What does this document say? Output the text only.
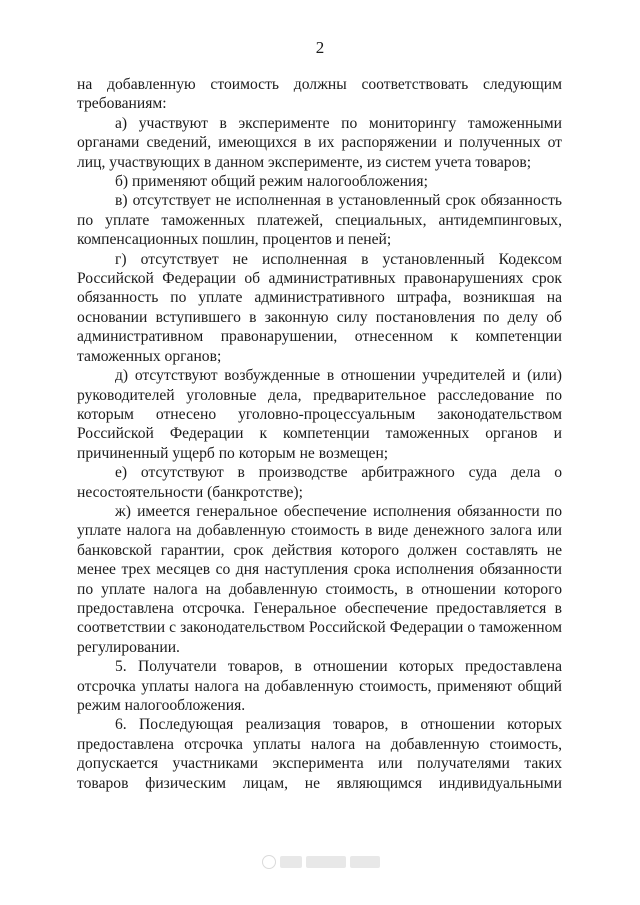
2

на добавленную стоимость должны соответствовать следующим требованиям:

а) участвуют в эксперименте по мониторингу таможенными органами сведений, имеющихся в их распоряжении и полученных от лиц, участвующих в данном эксперименте, из систем учета товаров;

б) применяют общий режим налогообложения;

в) отсутствует не исполненная в установленный срок обязанность по уплате таможенных платежей, специальных, антидемпинговых, компенсационных пошлин, процентов и пеней;

г) отсутствует не исполненная в установленный Кодексом Российской Федерации об административных правонарушениях срок обязанность по уплате административного штрафа, возникшая на основании вступившего в законную силу постановления по делу об административном правонарушении, отнесенном к компетенции таможенных органов;

д) отсутствуют возбужденные в отношении учредителей и (или) руководителей уголовные дела, предварительное расследование по которым отнесено уголовно-процессуальным законодательством Российской Федерации к компетенции таможенных органов и причиненный ущерб по которым не возмещен;

е) отсутствуют в производстве арбитражного суда дела о несостоятельности (банкротстве);

ж) имеется генеральное обеспечение исполнения обязанности по уплате налога на добавленную стоимость в виде денежного залога или банковской гарантии, срок действия которого должен составлять не менее трех месяцев со дня наступления срока исполнения обязанности по уплате налога на добавленную стоимость, в отношении которого предоставлена отсрочка. Генеральное обеспечение предоставляется в соответствии с законодательством Российской Федерации о таможенном регулировании.

5. Получатели товаров, в отношении которых предоставлена отсрочка уплаты налога на добавленную стоимость, применяют общий режим налогообложения.

6. Последующая реализация товаров, в отношении которых предоставлена отсрочка уплаты налога на добавленную стоимость, допускается участниками эксперимента или получателями таких товаров физическим лицам, не являющимся индивидуальными
